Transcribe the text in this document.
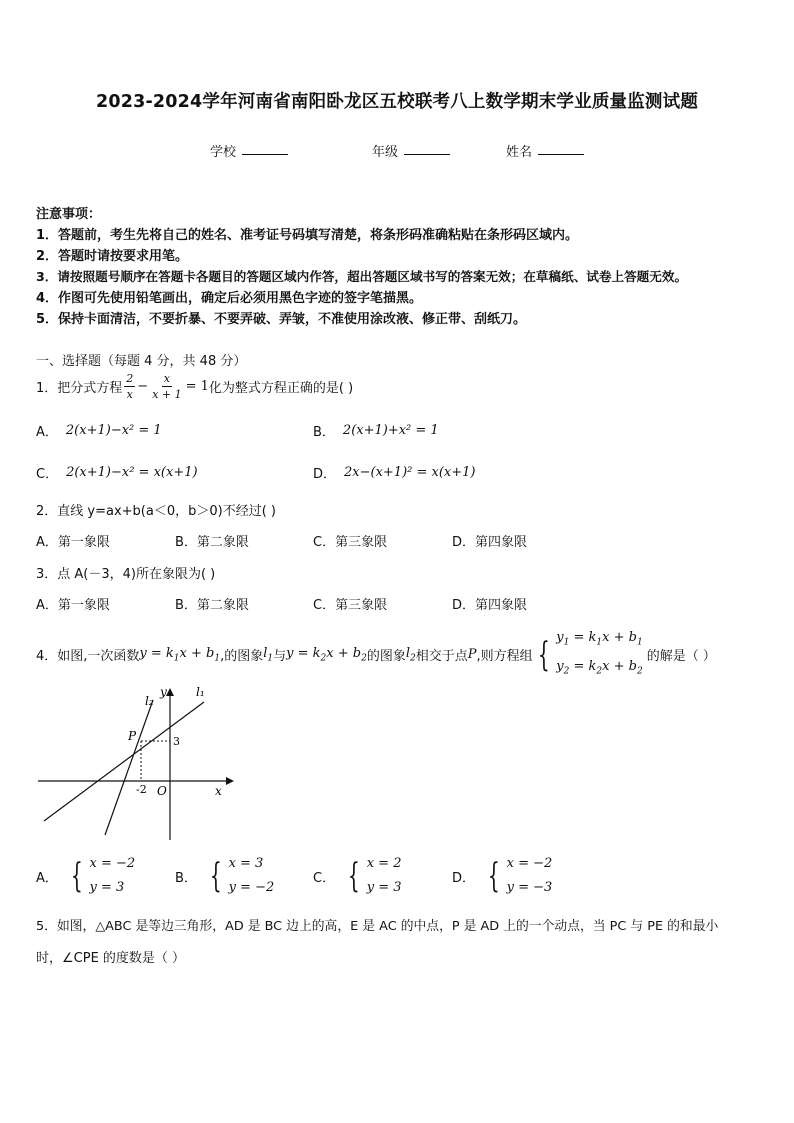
2023-2024学年河南省南阳卧龙区五校联考八上数学期末学业质量监测试题
学校	年级	姓名
注意事项：
1．答题前，考生先将自己的姓名、准考证号码填写清楚，将条形码准确粘贴在条形码区域内。
2．答题时请按要求用笔。
3．请按照题号顺序在答题卡各题目的答题区域内作答，超出答题区域书写的答案无效；在草稿纸、试卷上答题无效。
4．作图可先使用铅笔画出，确定后必须用黑色字迹的签字笔描黑。
5．保持卡面清洁，不要折暴、不要弄破、弄皱，不准使用涂改液、修正带、刮纸刀。
一、选择题（每题 4 分，共 48 分）
1．把分式方程 $\frac{2}{x} - \frac{x}{x + 1} = 1$ 化为整式方程正确的是( )
A． 2(x+1)−x² = 1	B． 2(x+1)+x² = 1
C． 2(x+1)−x² = x(x+1)	D． 2x−(x+1)² = x(x+1)
2．直线 y=ax+b(a＜0，b＞0)不经过( )
A．第一象限	B．第二象限	C．第三象限	D．第四象限
3．点 A(－3，4)所在象限为( )
A．第一象限	B．第二象限	C．第三象限	D．第四象限
4．如图,一次函数 $y = k_1x + b_1$ ,的图象 $l_1$ 与 $y = k_2x + b_2$ 的图象 $l_2$ 相交于点 P ,则方程组 { $y_1 = k_1x + b_1$
$y_2 = k_2x + b_2$
的解是（ ）
l₂
y l₁
P	3
-2 O	x
A． { x = −2
y = 3
B． { x = 3
y = −2
C． { x = 2
y = 3
D． { x = −2
y = −3
5．如图，△ABC 是等边三角形，AD 是 BC 边上的高，E 是 AC 的中点，P 是 AD 上的一个动点，当 PC 与 PE 的和最小
时，∠CPE 的度数是（ ）
